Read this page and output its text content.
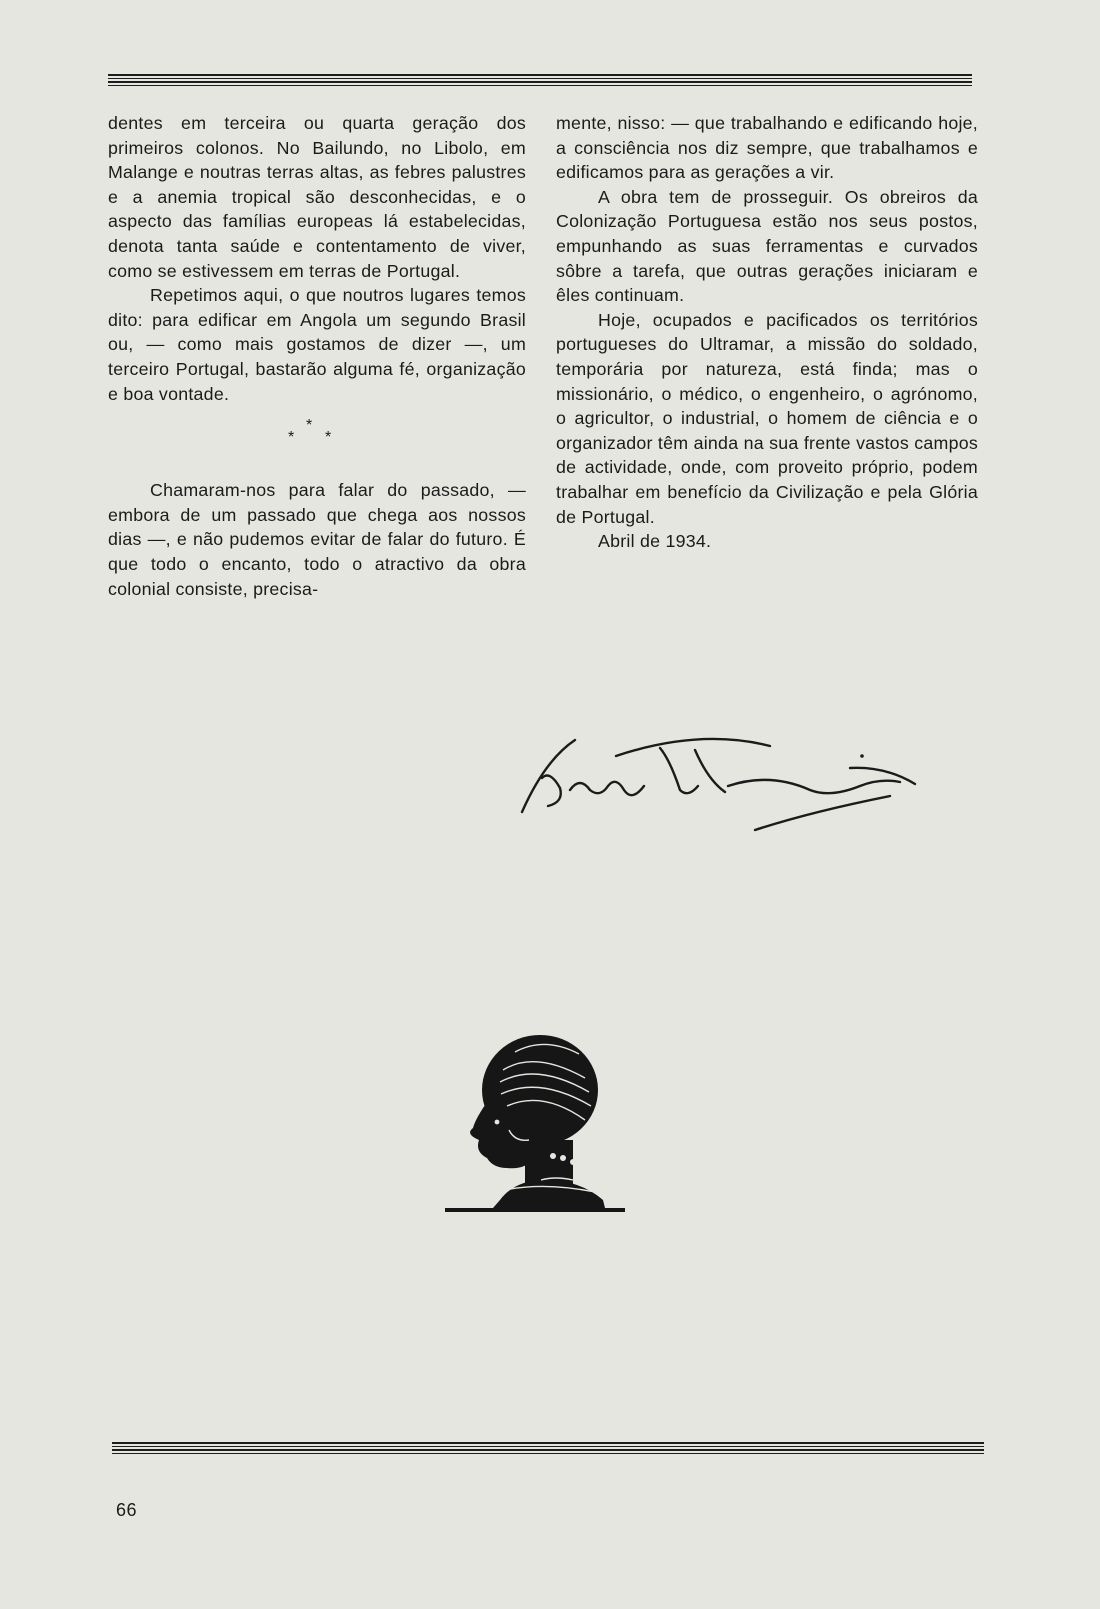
dentes em terceira ou quarta geração dos primeiros colonos. No Bailundo, no Libolo, em Malange e noutras terras altas, as febres palustres e a anemia tropical são desconhecidas, e o aspecto das famílias europeas lá estabelecidas, denota tanta saúde e contentamento de viver, como se estivessem em terras de Portugal.

Repetimos aqui, o que noutros lugares temos dito: para edificar em Angola um segundo Brasil ou, — como mais gostamos de dizer —, um terceiro Portugal, bastarão alguma fé, organização e boa vontade.

*
*
*

Chamaram-nos para falar do passado, — embora de um passado que chega aos nossos dias —, e não pudemos evitar de falar do futuro. É que todo o encanto, todo o atractivo da obra colonial consiste, precisa-

mente, nisso: — que trabalhando e edificando hoje, a consciência nos diz sempre, que trabalhamos e edificamos para as gerações a vir.

A obra tem de prosseguir. Os obreiros da Colonização Portuguesa estão nos seus postos, empunhando as suas ferramentas e curvados sôbre a tarefa, que outras gerações iniciaram e êles continuam.

Hoje, ocupados e pacificados os territórios portugueses do Ultramar, a missão do soldado, temporária por natureza, está finda; mas o missionário, o médico, o engenheiro, o agrónomo, o agricultor, o industrial, o homem de ciência e o organizador têm ainda na sua frente vastos campos de actividade, onde, com proveito próprio, podem trabalhar em benefício da Civilização e pela Glória de Portugal.

Abril de 1934.

66
